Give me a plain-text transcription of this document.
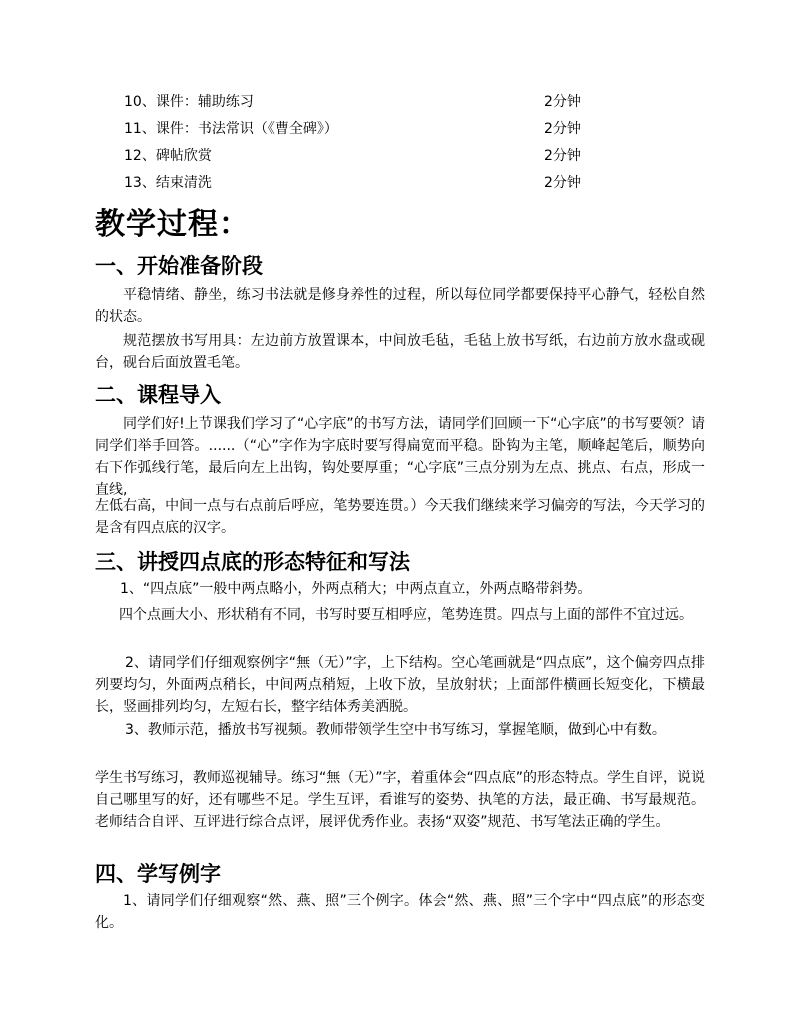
10、课件：辅助练习	2分钟
11、课件：书法常识（《曹全碑》）	2分钟
12、碑帖欣赏	2分钟
13、结束清洗	2分钟
教学过程：
一、开始准备阶段
平稳情绪、静坐，练习书法就是修身养性的过程，所以每位同学都要保持平心静气，轻松自然的状态。
规范摆放书写用具：左边前方放置课本，中间放毛毡，毛毡上放书写纸，右边前方放水盘或砚台，砚台后面放置毛笔。
二、课程导入
同学们好!上节课我们学习了“心字底”的书写方法，请同学们回顾一下“心字底”的书写要领？请同学们举手回答。......（“心”字作为字底时要写得扁宽而平稳。卧钩为主笔，顺峰起笔后，顺势向右下作弧线行笔，最后向左上出钩，钩处要厚重；“心字底”三点分别为左点、挑点、右点，形成一直线,
左低右高，中间一点与右点前后呼应，笔势要连贯。）今天我们继续来学习偏旁的写法，今天学习的是含有四点底的汉字。
三、讲授四点底的形态特征和写法
1、“四点底”一般中两点略小，外两点稍大；中两点直立，外两点略带斜势。
四个点画大小、形状稍有不同，书写时要互相呼应，笔势连贯。四点与上面的部件不宜过远。
2、请同学们仔细观察例字“無（无）”字，上下结构。空心笔画就是“四点底”，这个偏旁四点排列要均匀，外面两点稍长，中间两点稍短，上收下放，呈放射状；上面部件横画长短变化，下横最长，竖画排列均匀，左短右长，整字结体秀美洒脱。
3、教师示范，播放书写视频。教师带领学生空中书写练习，掌握笔顺，做到心中有数。
学生书写练习，教师巡视辅导。练习“無（无）”字，着重体会“四点底”的形态特点。学生自评，说说自己哪里写的好，还有哪些不足。学生互评，看谁写的姿势、执笔的方法，最正确、书写最规范。老师结合自评、互评进行综合点评，展评优秀作业。表扬“双姿”规范、书写笔法正确的学生。
四、学写例字
1、请同学们仔细观察“然、燕、照”三个例字。体会“然、燕、照”三个字中“四点底”的形态变化。
